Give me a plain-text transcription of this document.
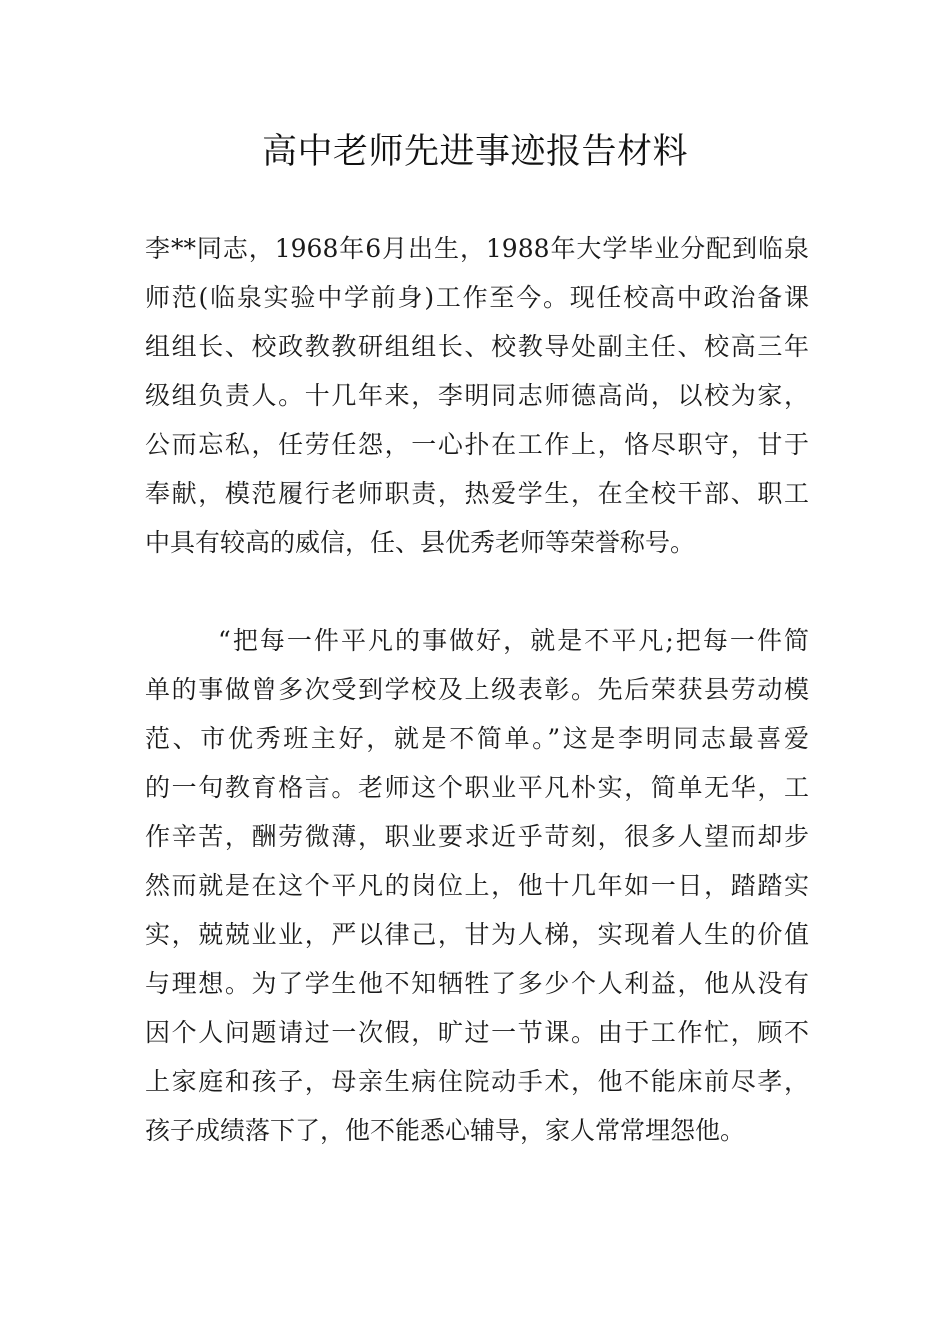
高中老师先进事迹报告材料
李**同志，1968年6月出生，1988年大学毕业分配到临泉
师范(临泉实验中学前身)工作至今。现任校高中政治备课
组组长、校政教教研组组长、校教导处副主任、校高三年
级组负责人。十几年来，李明同志师德高尚，以校为家，
公而忘私，任劳任怨，一心扑在工作上，恪尽职守，甘于
奉献，模范履行老师职责，热爱学生，在全校干部、职工
中具有较高的威信，任、县优秀老师等荣誉称号。
“把每一件平凡的事做好，就是不平凡;把每一件简
单的事做曾多次受到学校及上级表彰。先后荣获县劳动模
范、市优秀班主好，就是不简单。”这是李明同志最喜爱
的一句教育格言。老师这个职业平凡朴实，简单无华，工
作辛苦，酬劳微薄，职业要求近乎苛刻，很多人望而却步
然而就是在这个平凡的岗位上，他十几年如一日，踏踏实
实，兢兢业业，严以律己，甘为人梯，实现着人生的价值
与理想。为了学生他不知牺牲了多少个人利益，他从没有
因个人问题请过一次假，旷过一节课。由于工作忙，顾不
上家庭和孩子，母亲生病住院动手术，他不能床前尽孝，
孩子成绩落下了，他不能悉心辅导，家人常常埋怨他。
